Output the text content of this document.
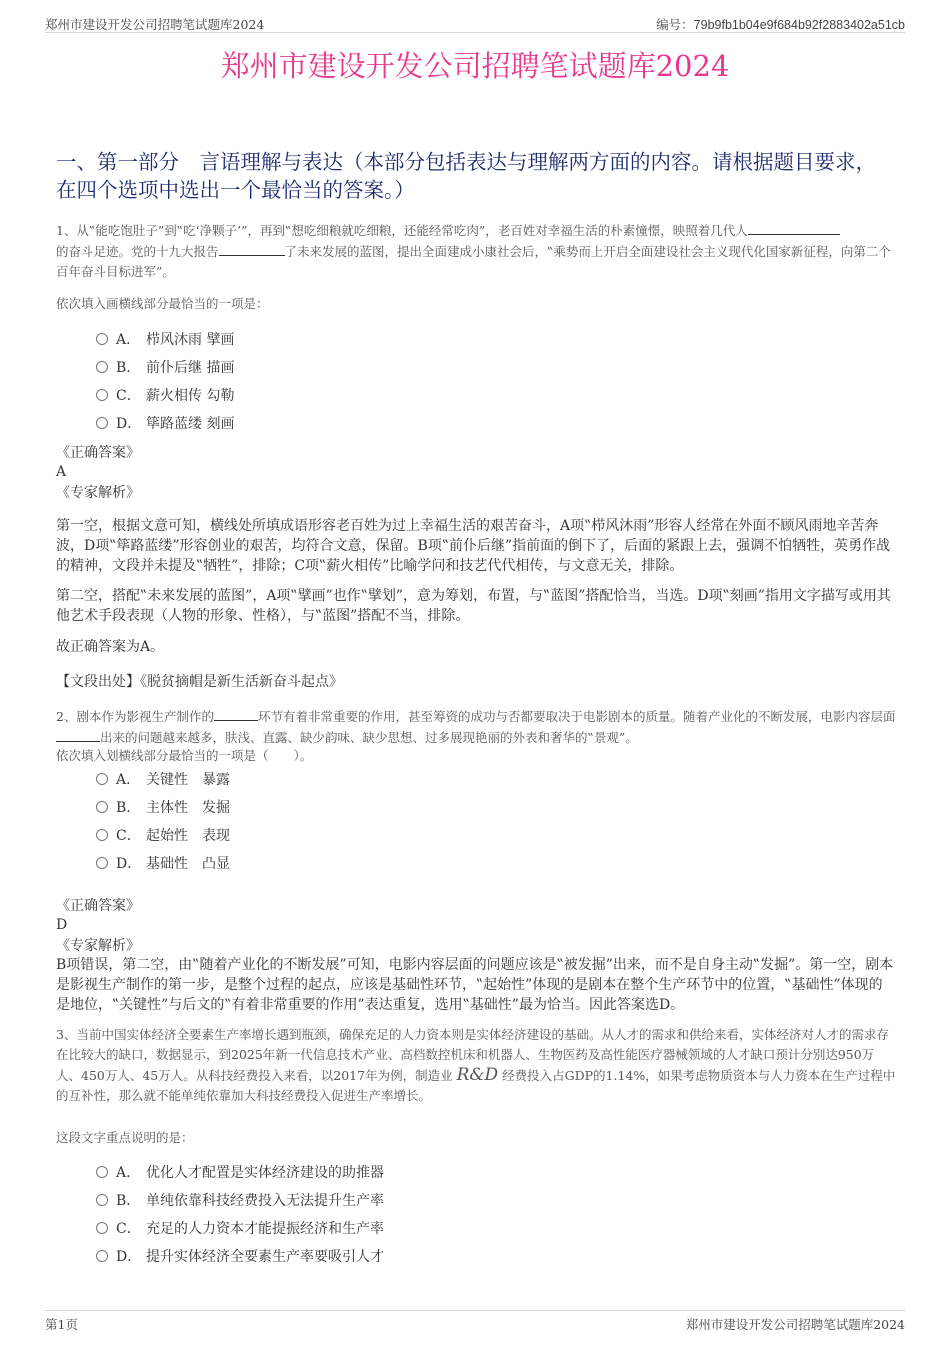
郑州市建设开发公司招聘笔试题库2024	编号：79b9fb1b04e9f684b92f2883402a51cb
郑州市建设开发公司招聘笔试题库2024
一、第一部分　言语理解与表达（本部分包括表达与理解两方面的内容。请根据题目要求，在四个选项中选出一个最恰当的答案。）
1、从‟能吃饱肚子”到‟吃‘净颗子’”，再到‟想吃细粮就吃细粮，还能经常吃肉”，老百姓对幸福生活的朴素憧憬，映照着几代人
的奋斗足迹。党的十九大报告	了未来发展的蓝图，提出全面建成小康社会后，‟乘势而上开启全面建设社会主义现代化国家新征程，向第二个百年奋斗目标进军”。
依次填入画横线部分最恰当的一项是：
A． 栉风沐雨 擘画
B． 前仆后继 描画
C． 薪火相传 勾勒
D． 筚路蓝缕 刻画
《正确答案》
A
《专家解析》
第一空，根据文意可知，横线处所填成语形容老百姓为过上幸福生活的艰苦奋斗，A项‟栉风沐雨”形容人经常在外面不顾风雨地辛苦奔波，D项‟筚路蓝缕”形容创业的艰苦，均符合文意，保留。B项‟前仆后继”指前面的倒下了，后面的紧跟上去，强调不怕牺牲，英勇作战的精神，文段并未提及‟牺牲”，排除；C项‟薪火相传”比喻学问和技艺代代相传，与文意无关，排除。
第二空，搭配‟未来发展的蓝图”，A项‟擘画”也作‟擘划”，意为筹划，布置，与‟蓝图”搭配恰当，当选。D项‟刻画”指用文字描写或用其他艺术手段表现（人物的形象、性格），与‟蓝图”搭配不当，排除。
故正确答案为A。
【文段出处】《脱贫摘帽是新生活新奋斗起点》
2、剧本作为影视生产制作的	环节有着非常重要的作用，甚至筹资的成功与否都要取决于电影剧本的质量。随着产业化的不断发展，电影内容层面出来的问题越来越多，肤浅、直露、缺少韵味、缺少思想、过多展现艳丽的外表和奢华的‟景观”。
依次填入划横线部分最恰当的一项是（　　）。
A． 关键性　暴露
B． 主体性　发掘
C． 起始性　表现
D． 基础性　凸显
《正确答案》
D
《专家解析》
B项错误，第二空，由‟随着产业化的不断发展”可知，电影内容层面的问题应该是‟被发掘”出来，而不是自身主动‟发掘”。第一空，剧本是影视生产制作的第一步，是整个过程的起点，应该是基础性环节，‟起始性”体现的是剧本在整个生产环节中的位置，‟基础性”体现的是地位，‟关键性”与后文的‟有着非常重要的作用”表达重复，选用‟基础性”最为恰当。因此答案选D。
3、当前中国实体经济全要素生产率增长遇到瓶颈，确保充足的人力资本则是实体经济建设的基础。从人才的需求和供给来看，实体经济对人才的需求存在比较大的缺口，数据显示，到2025年新一代信息技术产业、高档数控机床和机器人、生物医药及高性能医疗器械领域的人才缺口预计分别达950万人、450万人、45万人。从科技经费投入来看，以2017年为例，制造业 R&D 经费投入占GDP的1.14%，如果考虑物质资本与人力资本在生产过程中的互补性，那么就不能单纯依靠加大科技经费投入促进生产率增长。
这段文字重点说明的是：
A． 优化人才配置是实体经济建设的助推器
B． 单纯依靠科技经费投入无法提升生产率
C． 充足的人力资本才能提振经济和生产率
D． 提升实体经济全要素生产率要吸引人才
第1页	郑州市建设开发公司招聘笔试题库2024
